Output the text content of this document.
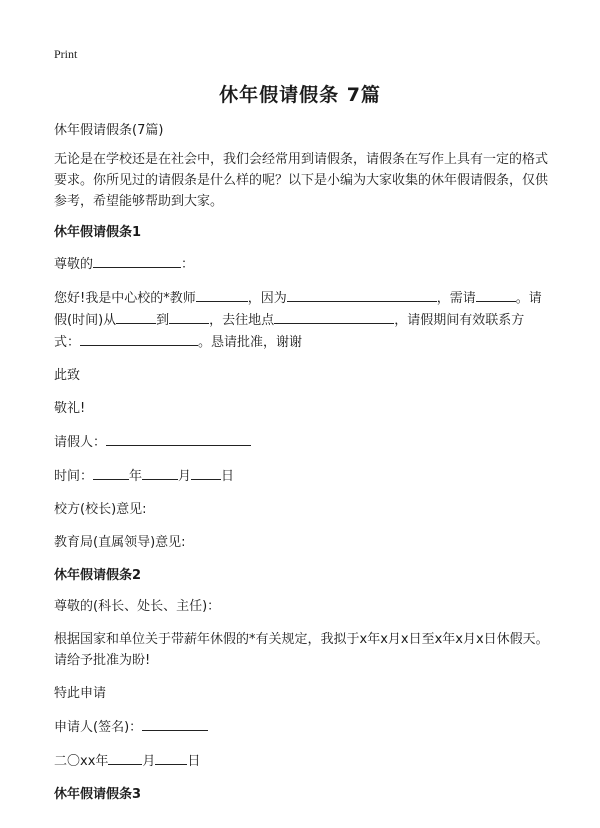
Print
休年假请假条 7篇

休年假请假条(7篇)

无论是在学校还是在社会中，我们会经常用到请假条，请假条在写作上具有一定的格式要求。你所见过的请假条是什么样的呢？以下是小编为大家收集的休年假请假条，仅供参考，希望能够帮助到大家。

休年假请假条1

尊敬的	：

您好!我是中心校的*教师	，因为	，需请	。请假(时间)从	到	，去往地点	，请假期间有效联系方式：	。恳请批准，谢谢

此致

敬礼!

请假人：

时间：	年	月 日

校方(校长)意见:

教育局(直属领导)意见:

休年假请假条2

尊敬的(科长、处长、主任)：

根据国家和单位关于带薪年休假的*有关规定，我拟于x年x月x日至x年x月x日休假天。请给予批准为盼!

特此申请

申请人(签名)：

二〇xx年	月 日

休年假请假条3
